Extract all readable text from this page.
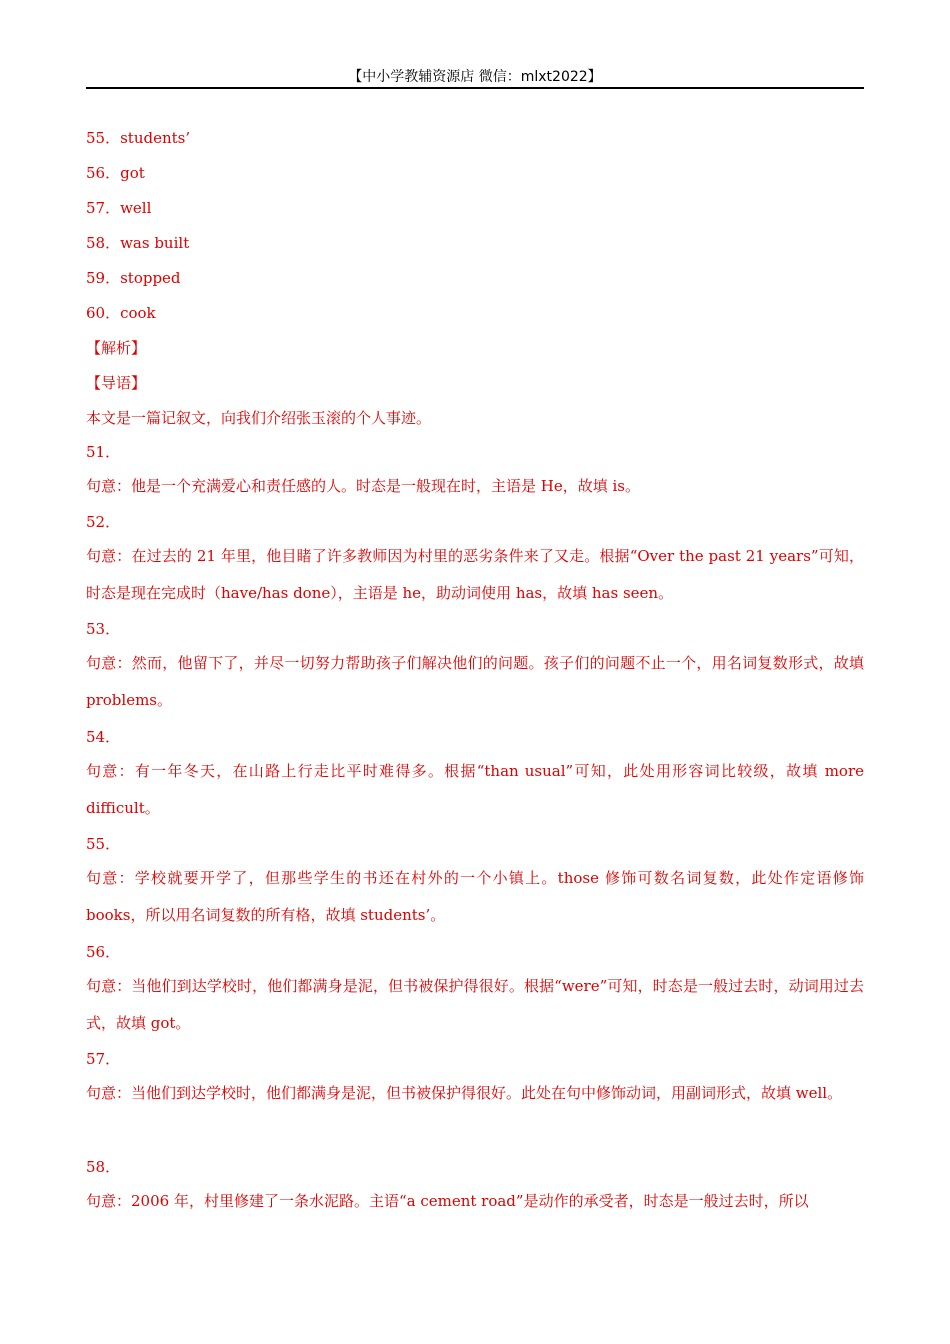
【中小学教辅资源店 微信：mlxt2022】
55．students’
56．got
57．well
58．was built
59．stopped
60．cook
【解析】
【导语】
本文是一篇记叙文，向我们介绍张玉滚的个人事迹。
51．
句意：他是一个充满爱心和责任感的人。时态是一般现在时，主语是 He，故填 is。
52．
句意：在过去的 21 年里，他目睹了许多教师因为村里的恶劣条件来了又走。根据“Over the past 21 years”可知，时态是现在完成时（have/has done），主语是 he，助动词使用 has，故填 has seen。
53．
句意：然而，他留下了，并尽一切努力帮助孩子们解决他们的问题。孩子们的问题不止一个，用名词复数形式，故填 problems。
54．
句意：有一年冬天，在山路上行走比平时难得多。根据“than usual”可知，此处用形容词比较级，故填 more difficult。
55．
句意：学校就要开学了，但那些学生的书还在村外的一个小镇上。those 修饰可数名词复数，此处作定语修饰 books，所以用名词复数的所有格，故填 students’。
56．
句意：当他们到达学校时，他们都满身是泥，但书被保护得很好。根据“were”可知，时态是一般过去时，动词用过去式，故填 got。
57．
句意：当他们到达学校时，他们都满身是泥，但书被保护得很好。此处在句中修饰动词，用副词形式，故填 well。
58．
句意：2006 年，村里修建了一条水泥路。主语“a cement road”是动作的承受者，时态是一般过去时，所以
